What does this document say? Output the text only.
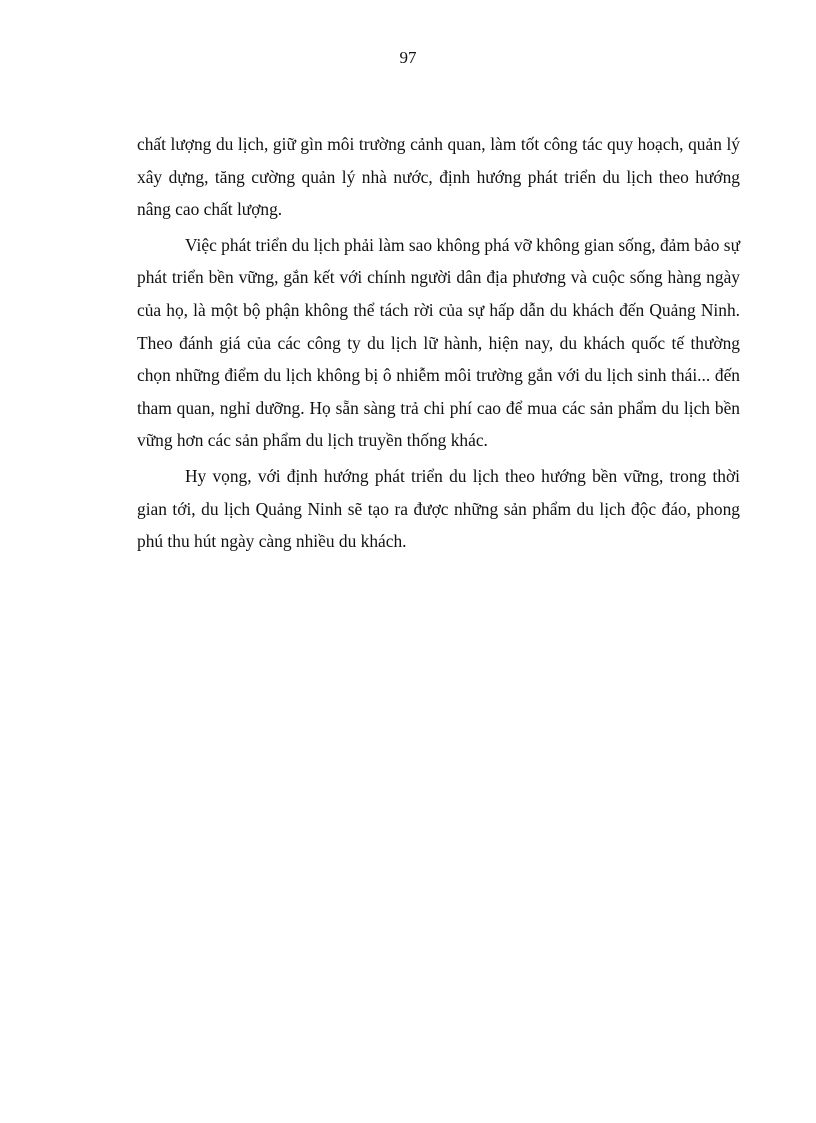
97

chất lượng du lịch, giữ gìn môi trường cảnh quan, làm tốt công tác quy hoạch, quản lý xây dựng, tăng cường quản lý nhà nước, định hướng phát triển du lịch theo hướng nâng cao chất lượng.

Việc phát triển du lịch phải làm sao không phá vỡ không gian sống, đảm bảo sự phát triển bền vững, gắn kết với chính người dân địa phương và cuộc sống hàng ngày của họ, là một bộ phận không thể tách rời của sự hấp dẫn du khách đến Quảng Ninh. Theo đánh giá của các công ty du lịch lữ hành, hiện nay, du khách quốc tế thường chọn những điểm du lịch không bị ô nhiễm môi trường gắn với du lịch sinh thái... đến tham quan, nghỉ dưỡng. Họ sẵn sàng trả chi phí cao để mua các sản phẩm du lịch bền vững hơn các sản phẩm du lịch truyền thống khác.

Hy vọng, với định hướng phát triển du lịch theo hướng bền vững, trong thời gian tới, du lịch Quảng Ninh sẽ tạo ra được những sản phẩm du lịch độc đáo, phong phú thu hút ngày càng nhiều du khách.
